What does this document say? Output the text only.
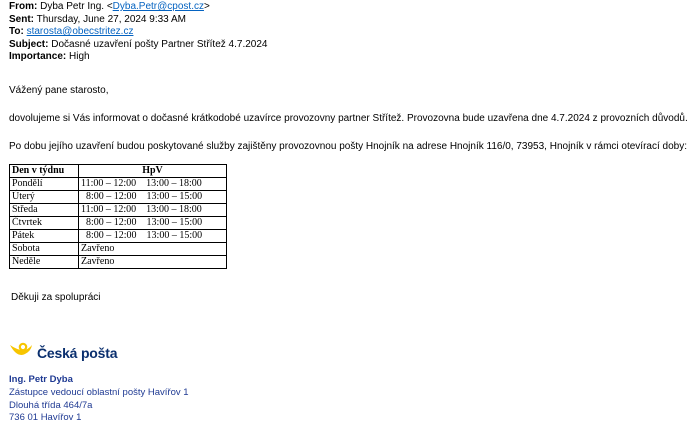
From: Dyba Petr Ing. <Dyba.Petr@cpost.cz>
Sent: Thursday, June 27, 2024 9:33 AM
To: starosta@obecstritez.cz
Subject: Dočasné uzavření pošty Partner Střítež 4.7.2024
Importance: High
Vážený pane starosto,
dovolujeme si Vás informovat o dočasné krátkodobé uzavírce provozovny partner Střítež. Provozovna bude uzavřena dne 4.7.2024 z provozních důvodů.
Po dobu jejího uzavření budou poskytované služby zajištěny provozovnou pošty Hnojník na adrese Hnojník 116/0, 73953, Hnojník v rámci otevírací doby:
Den v týdnu	HpV
Pondělí	11:00 – 12:00    13:00 – 18:00
Úterý	8:00 – 12:00    13:00 – 15:00
Středa	11:00 – 12:00    13:00 – 18:00
Čtvrtek	8:00 – 12:00    13:00 – 15:00
Pátek	8:00 – 12:00    13:00 – 15:00
Sobota	Zavřeno
Neděle	Zavřeno
Děkuji za spolupráci
Česká pošta
Ing. Petr Dyba
Zástupce vedoucí oblastní pošty Havířov 1
Dlouhá třída 464/7a
736 01 Havířov 1
